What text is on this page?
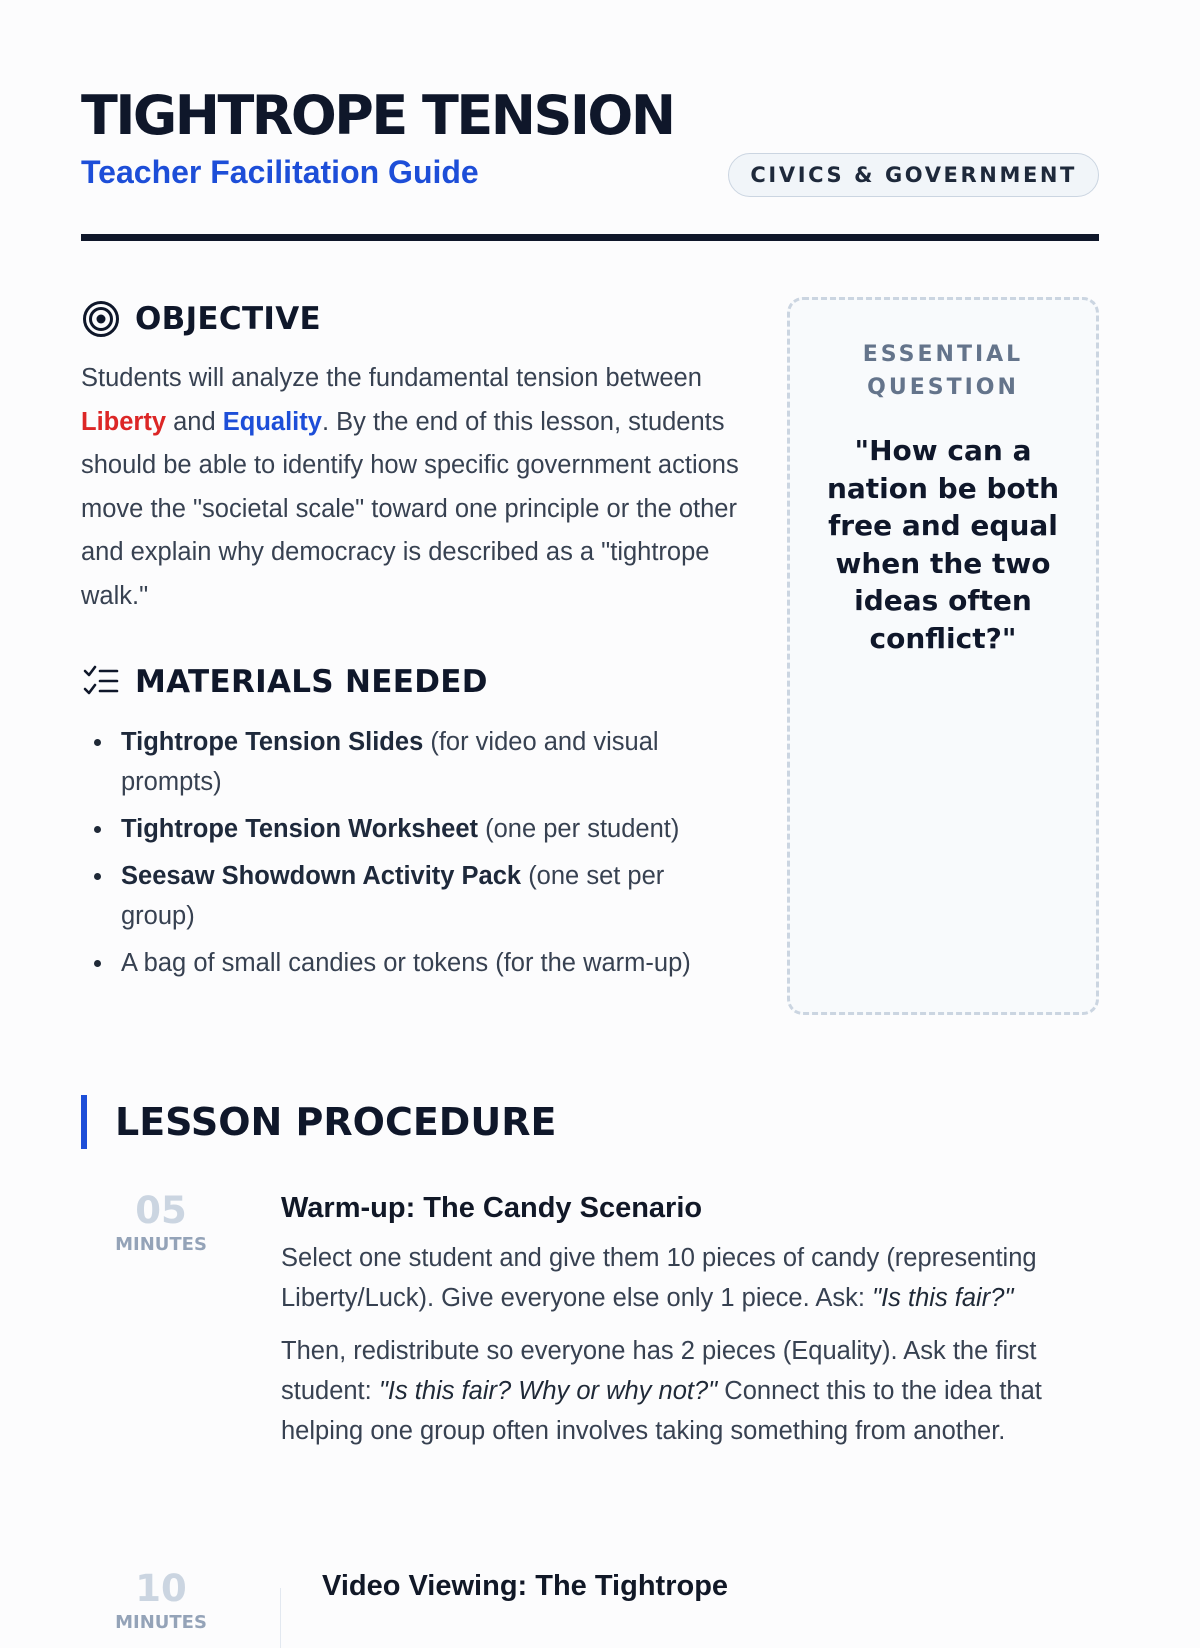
TIGHTROPE TENSION
Teacher Facilitation Guide	CIVICS & GOVERNMENT
OBJECTIVE

Students will analyze the fundamental tension between Liberty and Equality. By the end of this lesson, students should be able to identify how specific government actions move the "societal scale" toward one principle or the other and explain why democracy is described as a "tightrope walk."

MATERIALS NEEDED
Tightrope Tension Slides (for video and visual prompts)
Tightrope Tension Worksheet (one per student)
Seesaw Showdown Activity Pack (one set per group)
A bag of small candies or tokens (for the warm-up)
ESSENTIAL QUESTION
"How can a nation be both free and equal when the two ideas often conflict?"
LESSON PROCEDURE
05
MINUTES
Warm-up: The Candy Scenario

Select one student and give them 10 pieces of candy (representing Liberty/Luck). Give everyone else only 1 piece. Ask: "Is this fair?"

Then, redistribute so everyone has 2 pieces (Equality). Ask the first student: "Is this fair? Why or why not?" Connect this to the idea that helping one group often involves taking something from another.

10
MINUTES
Video Viewing: The Tightrope
